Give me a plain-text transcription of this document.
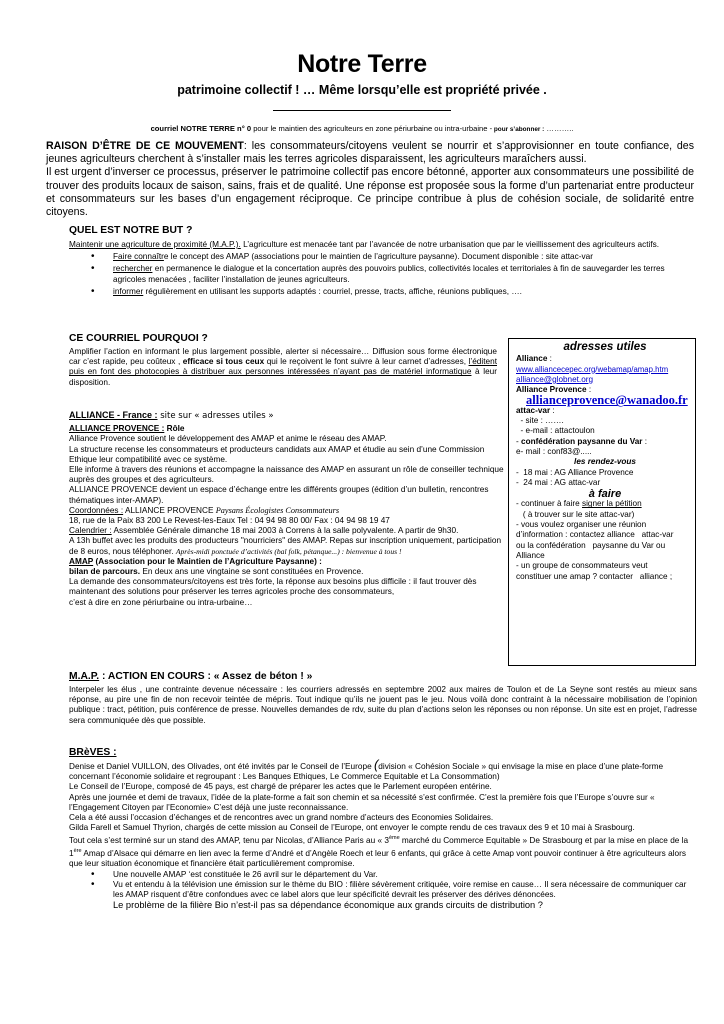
Notre Terre
patrimoine collectif ! … Même lorsqu’elle est propriété privée .
courriel NOTRE TERRE n° 0 pour le maintien des agriculteurs en zone périurbaine ou intra-urbaine - pour s’abonner : ………..
RAISON D’ÊTRE DE CE MOUVEMENT: les consommateurs/citoyens veulent se nourrir et s’approvisionner en toute confiance, des jeunes agriculteurs cherchent à s’installer mais les terres agricoles disparaissent, les agriculteurs maraîchers aussi.
Il est urgent d’inverser ce processus, préserver le patrimoine collectif pas encore bétonné, apporter aux consommateurs une possibilité de trouver des produits locaux de saison, sains, frais et de qualité. Une réponse est proposée sous la forme d’un partenariat entre producteur et consommateurs sur les bases d’un engagement réciproque. Ce principe contribue à plus de cohésion sociale, de solidarité entre citoyens.
QUEL EST NOTRE BUT ?

Maintenir une agriculture de proximité (M.A.P.). L’agriculture est menacée tant par l’avancée de notre urbanisation que par le vieillissement des agriculteurs actifs.

• Faire connaître le concept des AMAP (associations pour le maintien de l’agriculture paysanne). Document disponible : site attac-var
• rechercher en permanence le dialogue et la concertation auprès des pouvoirs publics, collectivités locales et territoriales à fin de sauvegarder les terres agricoles menacées , faciliter l’installation de jeunes agriculteurs.
• informer régulièrement en utilisant les supports adaptés : courriel, presse, tracts, affiche, réunions publiques, ….
CE COURRIEL POURQUOI ?

Amplifier l’action en informant le plus largement possible, alerter si nécessaire… Diffusion sous forme électronique car c’est rapide, peu coûteux , efficace si tous ceux qui le reçoivent le font suivre à leur carnet d’adresses, l’éditent puis en font des photocopies à distribuer aux personnes intéressées n’ayant pas de matériel informatique à leur disposition.

ALLIANCE - France : site sur « adresses utiles »

ALLIANCE PROVENCE : Rôle

Alliance Provence soutient le développement des AMAP et anime le réseau des AMAP.

La structure recense les consommateurs et producteurs candidats aux AMAP et étudie au sein d’une Commission Ethique leur compatibilité avec ce système.

Elle informe à travers des réunions et accompagne la naissance des AMAP en assurant un rôle de conseiller technique auprès des groupes et des agriculteurs.

ALLIANCE PROVENCE devient un espace d’échange entre les différents groupes (édition d’un bulletin, rencontres thématiques inter-AMAP).

Coordonnées : ALLIANCE PROVENCE Paysans Écologistes Consommateurs

18, rue de la Paix 83 200 Le Revest-les-Eaux Tel : 04 94 98 80 00/ Fax : 04 94 98 19 47

Calendrier : Assemblée Générale dimanche 18 mai 2003 à Correns à la salle polyvalente. A partir de 9h30.

A 13h buffet avec les produits des producteurs "nourriciers" des AMAP. Repas sur inscription uniquement, participation de 8 euros, nous téléphoner. Après-midi ponctuée d’activités (bal folk, pétanque...) : bienvenue à tous !

AMAP (Association pour le Maintien de l’Agriculture Paysanne) :

bilan de parcours. En deux ans une vingtaine se sont constituées en Provence.

La demande des consommateurs/citoyens est très forte, la réponse aux besoins plus difficile : il faut trouver dès maintenant des solutions pour préserver les terres agricoles proche des consommateurs,

c’est à dire en zone périurbaine ou intra-urbaine…

adresses utiles
Alliance :
www.alliancecepec.org/webamap/amap.htm
alliance@globnet.org
Alliance Provence :
allianceprovence@wanadoo.fr
attac-var :
- site : …….
- e-mail : attactoulon
- confédération paysanne du Var :
e- mail : conf83@.....
les rendez-vous
-  18 mai : AG Alliance Provence
-  24 mai : AG attac-var
à faire
- continuer à faire signer la pétition
( à trouver sur le site attac-var)
- vous voulez organiser une réunion   d’information : contactez alliance   attac-var ou la confédération   paysanne du Var ou Alliance
- un groupe de consommateurs veut   constituer une amap ? contacter   alliance ;
M.A.P. : ACTION EN COURS : « Assez de béton ! »

Interpeler les élus , une contrainte devenue nécessaire : les courriers adressés en septembre 2002 aux maires de Toulon et de La Seyne sont restés au mieux sans réponse, au pire une fin de non recevoir teintée de mépris. Tout indique qu’ils ne jouent pas le jeu. Nous voilà donc contraint à la nécessaire mobilisation de l’opinion publique : tract, pétition, puis conférence de presse. Nouvelles demandes de rdv, suite du plan d’actions selon les réponses ou non réponse. Un site est en projet, l’adresse sera communiquée dès que possible.

BRèVES :

Denise et Daniel VUILLON, des Olivades, ont été invités par le Conseil de l’Europe (division « Cohésion Sociale » qui envisage la mise en place d’une plate-forme concernant l’économie solidaire et regroupant : Les Banques Ethiques, Le Commerce Equitable et La Consommation)

Le Conseil de l’Europe, composé de 45 pays, est chargé de préparer les actes que le Parlement européen entérine.

Après une journée et demi de travaux, l’idée de la plate-forme a fait son chemin et sa nécessité s’est confirmée. C’est la première fois que l’Europe s’ouvre sur « l’Engagement Citoyen par l’Economie» C’est déjà une juste reconnaissance.

Cela a été aussi l’occasion d’échanges et de rencontres avec un grand nombre d’acteurs des Economies Solidaires.

Gilda Farell et Samuel Thyrion, chargés de cette mission au Conseil de l’Europe, ont envoyer le compte rendu de ces travaux des 9 et 10 mai à Srasbourg.

Tout cela s’est terminé sur un stand des AMAP, tenu par Nicolas, d’Alliance Paris au « 3ème marché du Commerce Equitable » De Strasbourg et par la mise en place de la 1ère Amap d’Alsace qui démarre en lien avec la ferme d’André et d’Angèle Roech et leur 6 enfants, qui grâce à cette Amap vont pouvoir continuer à être agriculteurs alors que leur situation économique et financière était particulièrement compromise.

• Une nouvelle AMAP ‘est constituée le 26 avril sur le département du Var.
• Vu et entendu à la télévision une émission sur le thème du BIO : filière sévèrement critiquée, voire remise en cause… Il sera nécessaire de communiquer car les AMAP risquent d’être confondues avec ce label alors que leur spécificité devrait les préserver des dérives dénoncées.

Le problème de la filière Bio n’est-il pas sa dépendance économique aux grands circuits de distribution ?
